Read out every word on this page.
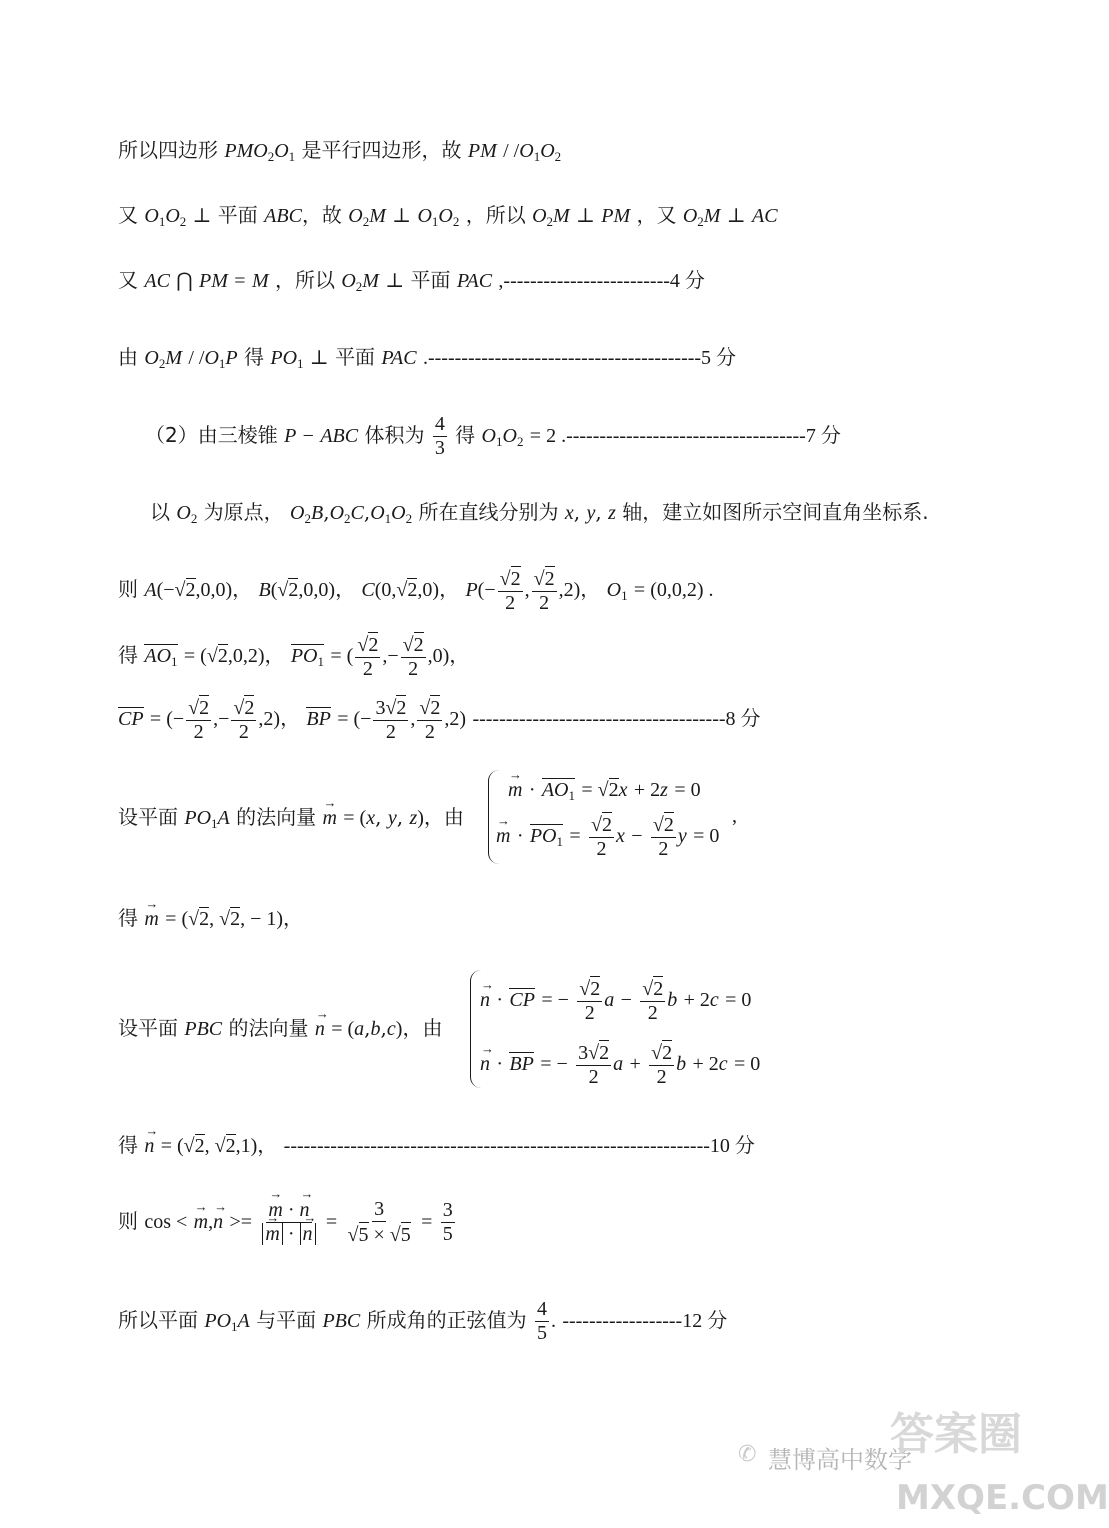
所以四边形 $PMO_2O_1$ 是平行四边形，故 PM / $/O_1O_2$
又 $O_1O_2$ ⊥ 平面 ABC，故 $O_2M$ ⊥ $O_1O_2$ ，所以 $O_2M$ ⊥ PM ，又 $O_2M$ ⊥ AC
又 AC ⋂ PM = M ，所以 $O_2M$ ⊥ 平面 PAC ,-------------------------4 分
由 $O_2M / /O_1P$ 得 $PO_1$ ⊥ 平面 PAC .-----------------------------------------5 分
（2）由三棱锥 P − ABC 体积为 $\frac{4}{3}$ 得 $O_1O_2 = 2$ .------------------------------------7 分
以 $O_2$ 为原点， $O_2B,O_2C,O_1O_2$ 所在直线分别为 x, y, z 轴，建立如图所示空间直角坐标系.
则 A(−√2,0,0)， B(√2,0,0)， C(0,√2,0)， $P(- \frac{√2}{2}$ , $\frac{√2}{2} ,2$)， $O_1 = (0,0,2)$ .
得 $AO_1 = (√2,0,2)$， $PO_1$ = ( $\frac{√2}{2}$ ,− $\frac{√2}{2} ,0$)，
CP = (− $\frac{√2}{2}$ ,− $\frac{√2}{2} ,2$)， BP = (− $\frac{3√2}{2}$ , $\frac{√2}{2} ,2$) --------------------------------------8 分
设平面 $PO_1A$ 的法向量 → m = (x, y, z)，由
→ $m \cdot AO_1 = √2x + 2z = 0$
→ $m \cdot PO_1 = \frac{√2}{2}$ $x - \frac{√2}{2}$ y = 0
,
得 → m = (√2, √2, − 1)，
设平面 PBC 的法向量 → n = (a,b,c)，由
→ n · CP = − $\frac{√2}{2}$ $a - \frac{√2}{2}$ b + 2c = 0
→ n · BP = − $\frac{3√2}{2}$ $a + \frac{√2}{2}$ b + 2c = 0
得 → n = (√2, √2,1)， ----------------------------------------------------------------10 分
则 cos < → m,→ n >= → m · → n
→ m · → $n = \frac{3}{√5 \times √5} = \frac{3}{5}$
所以平面 $PO_1A$ 与平面 PBC 所成角的正弦值为 $\frac{4}{5}$ . ------------------12 分
✆ 慧博高中数学
答案圈
MXQE.COM
